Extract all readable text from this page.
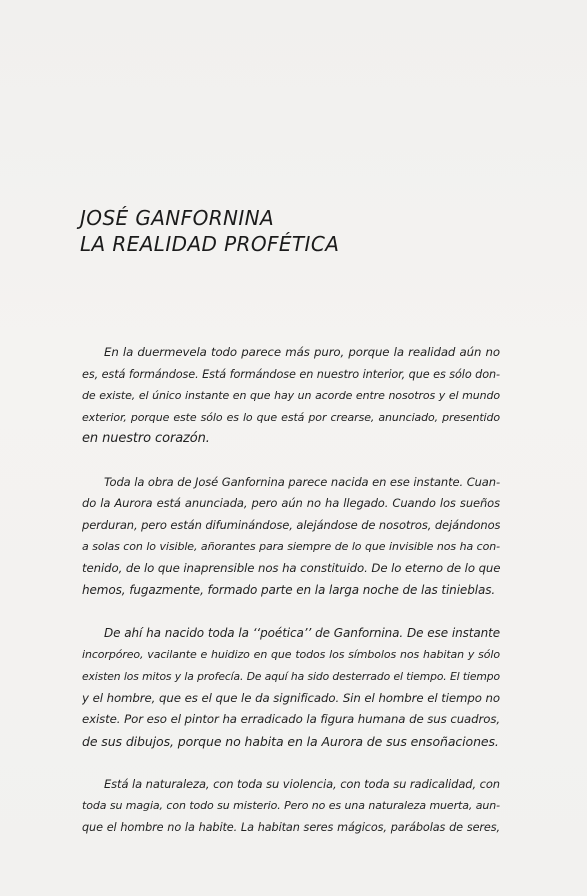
JOSÉ GANFORNINA
LA REALIDAD PROFÉTICA

En la duermevela todo parece más puro, porque la realidad aún no
es, está formándose. Está formándose en nuestro interior, que es sólo don-
de existe, el único instante en que hay un acorde entre nosotros y el mundo
exterior, porque este sólo es lo que está por crearse, anunciado, presentido
en nuestro corazón.

Toda la obra de José Ganfornina parece nacida en ese instante. Cuan-
do la Aurora está anunciada, pero aún no ha llegado. Cuando los sueños
perduran, pero están difuminándose, alejándose de nosotros, dejándonos
a solas con lo visible, añorantes para siempre de lo que invisible nos ha con-
tenido, de lo que inaprensible nos ha constituido. De lo eterno de lo que
hemos, fugazmente, formado parte en la larga noche de las tinieblas.

De ahí ha nacido toda la ‘‘poética’’ de Ganfornina. De ese instante
incorpóreo, vacilante e huidizo en que todos los símbolos nos habitan y sólo
existen los mitos y la profecía. De aquí ha sido desterrado el tiempo. El tiempo
y el hombre, que es el que le da significado. Sin el hombre el tiempo no
existe. Por eso el pintor ha erradicado la figura humana de sus cuadros,
de sus dibujos, porque no habita en la Aurora de sus ensoñaciones.

Está la naturaleza, con toda su violencia, con toda su radicalidad, con
toda su magia, con todo su misterio. Pero no es una naturaleza muerta, aun-
que el hombre no la habite. La habitan seres mágicos, parábolas de seres,
